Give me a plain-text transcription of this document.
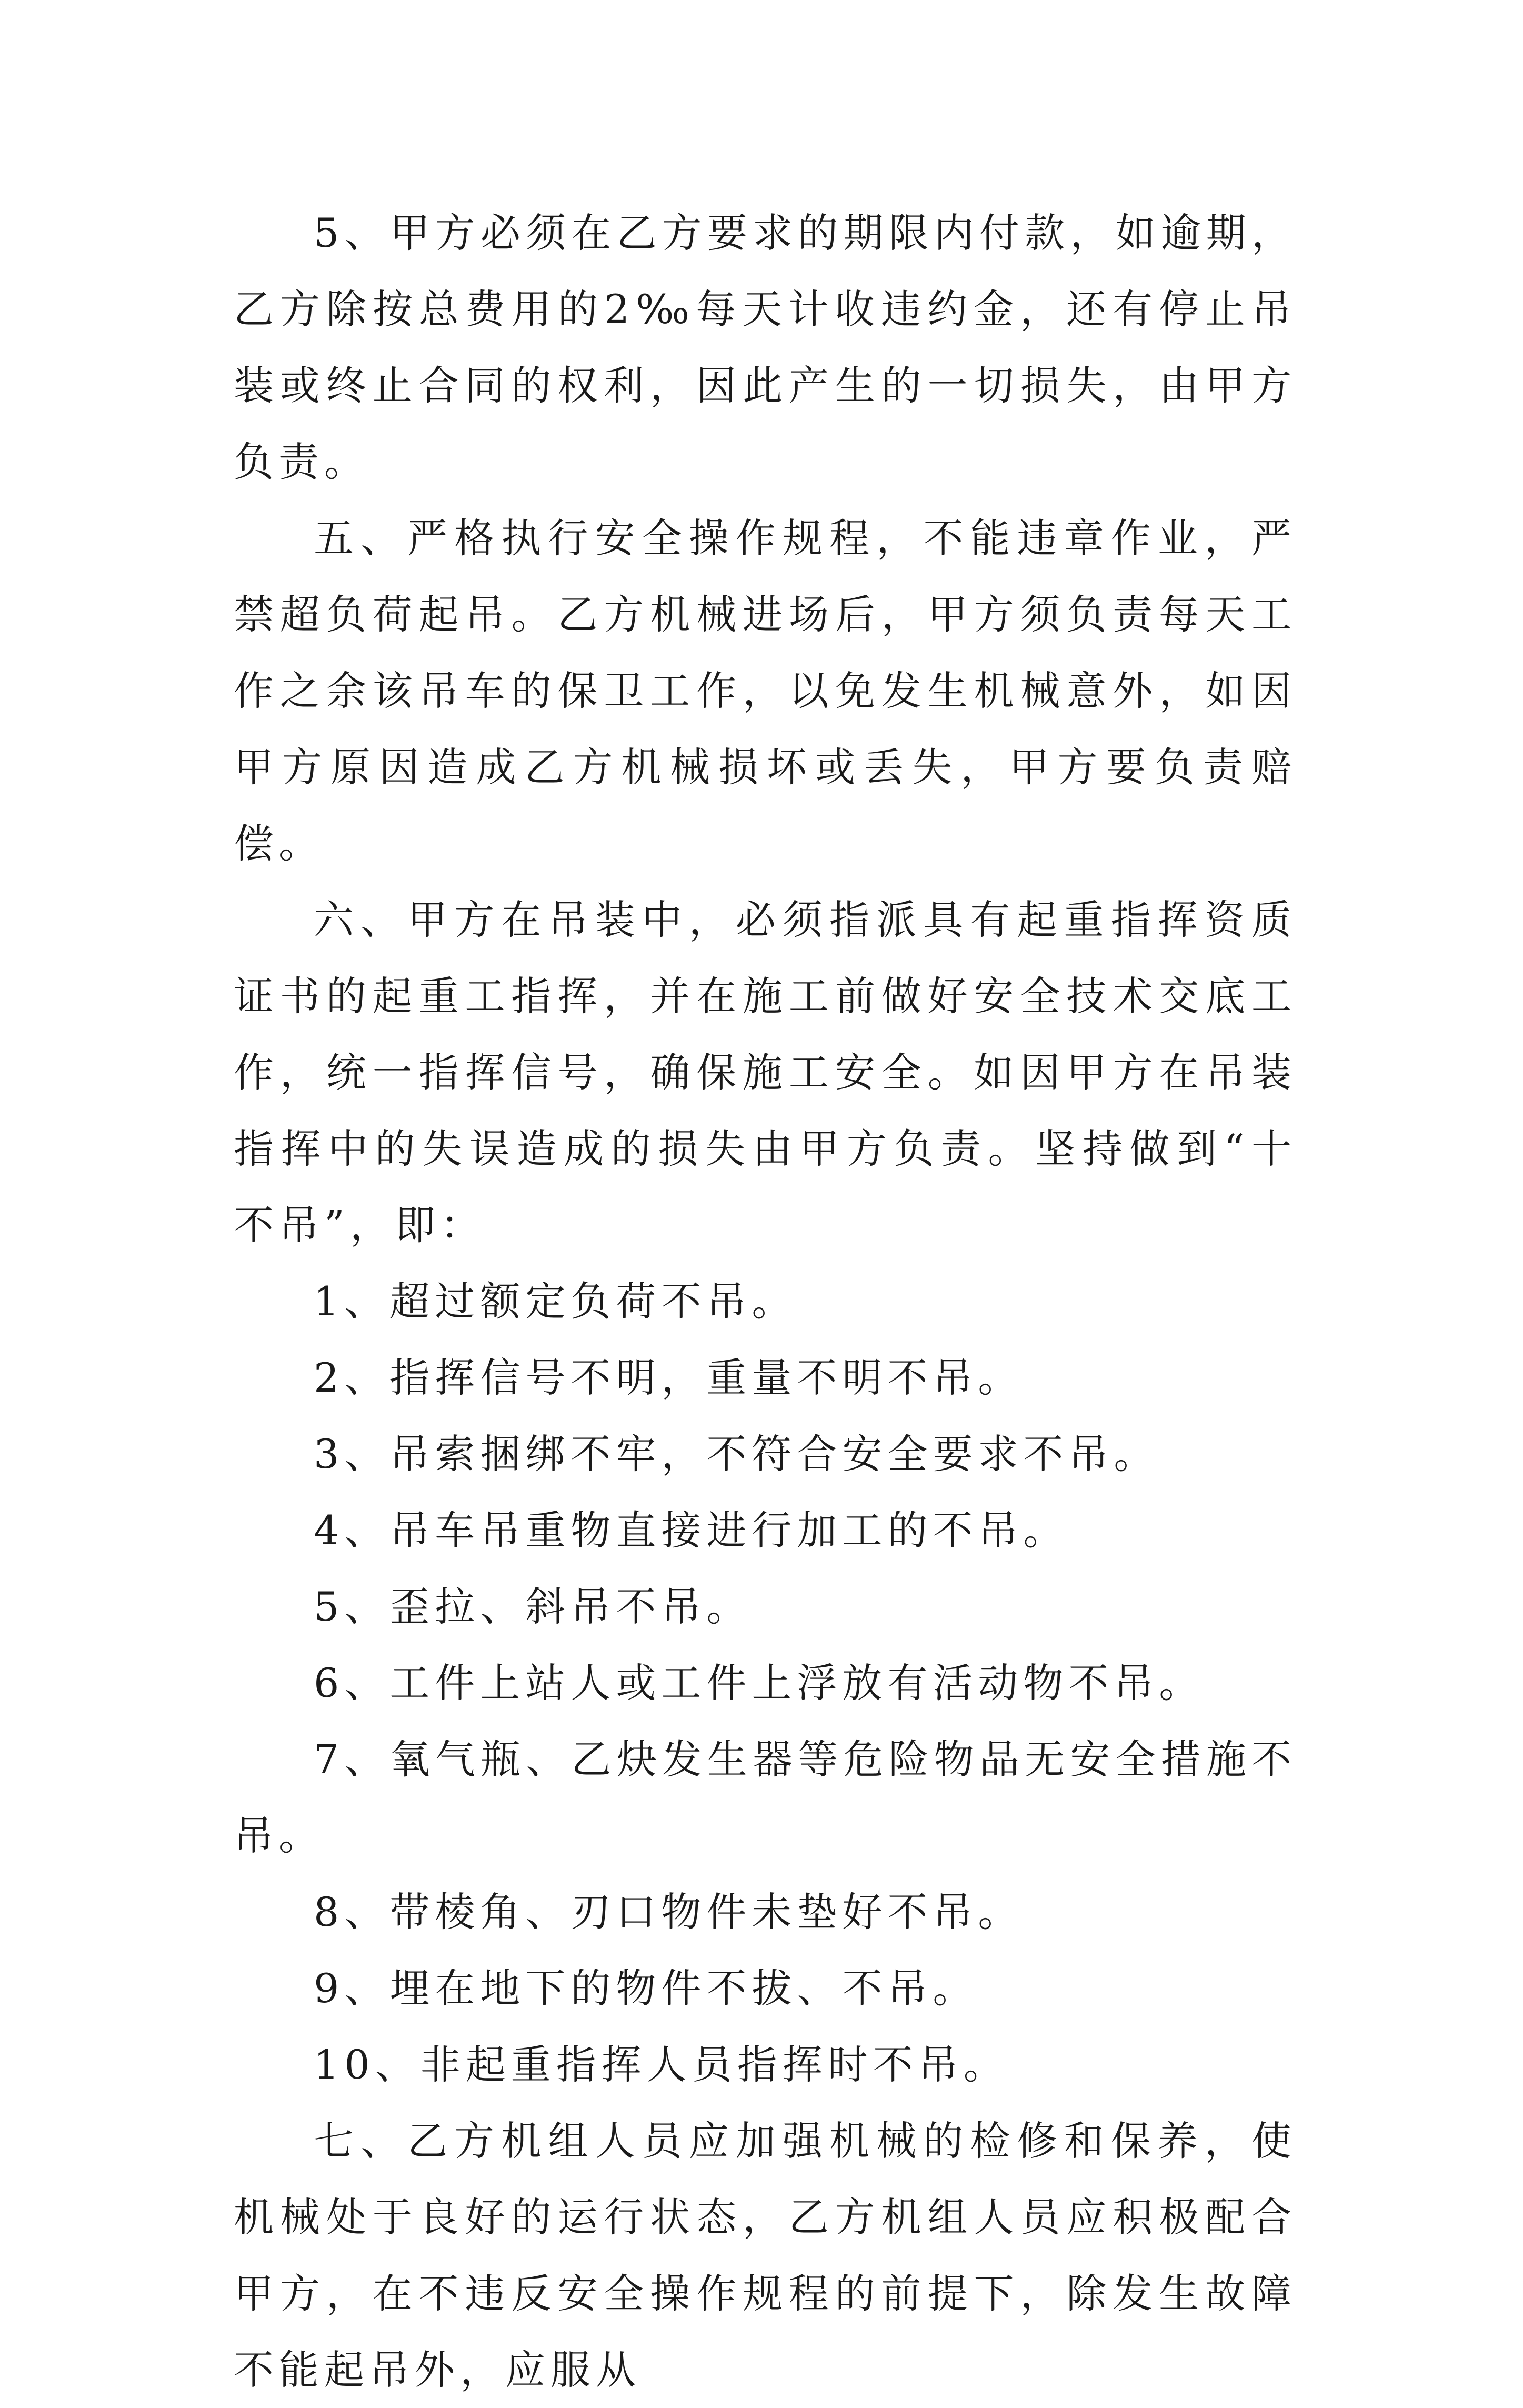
5、甲方必须在乙方要求的期限内付款，如逾期，乙方除按总费用的2‰每天计收违约金，还有停止吊装或终止合同的权利，因此产生的一切损失，由甲方负责。

五、严格执行安全操作规程，不能违章作业，严禁超负荷起吊。乙方机械进场后，甲方须负责每天工作之余该吊车的保卫工作，以免发生机械意外，如因甲方原因造成乙方机械损坏或丢失，甲方要负责赔偿。

六、甲方在吊装中，必须指派具有起重指挥资质证书的起重工指挥，并在施工前做好安全技术交底工作，统一指挥信号，确保施工安全。如因甲方在吊装指挥中的失误造成的损失由甲方负责。坚持做到“十不吊”，即：

1、超过额定负荷不吊。

2、指挥信号不明，重量不明不吊。

3、吊索捆绑不牢，不符合安全要求不吊。

4、吊车吊重物直接进行加工的不吊。

5、歪拉、斜吊不吊。

6、工件上站人或工件上浮放有活动物不吊。

7、氧气瓶、乙炔发生器等危险物品无安全措施不吊。

8、带棱角、刃口物件未垫好不吊。

9、埋在地下的物件不拔、不吊。

10、非起重指挥人员指挥时不吊。

七、乙方机组人员应加强机械的检修和保养，使机械处于良好的运行状态，乙方机组人员应积极配合甲方，在不违反安全操作规程的前提下，除发生故障不能起吊外，应服从
